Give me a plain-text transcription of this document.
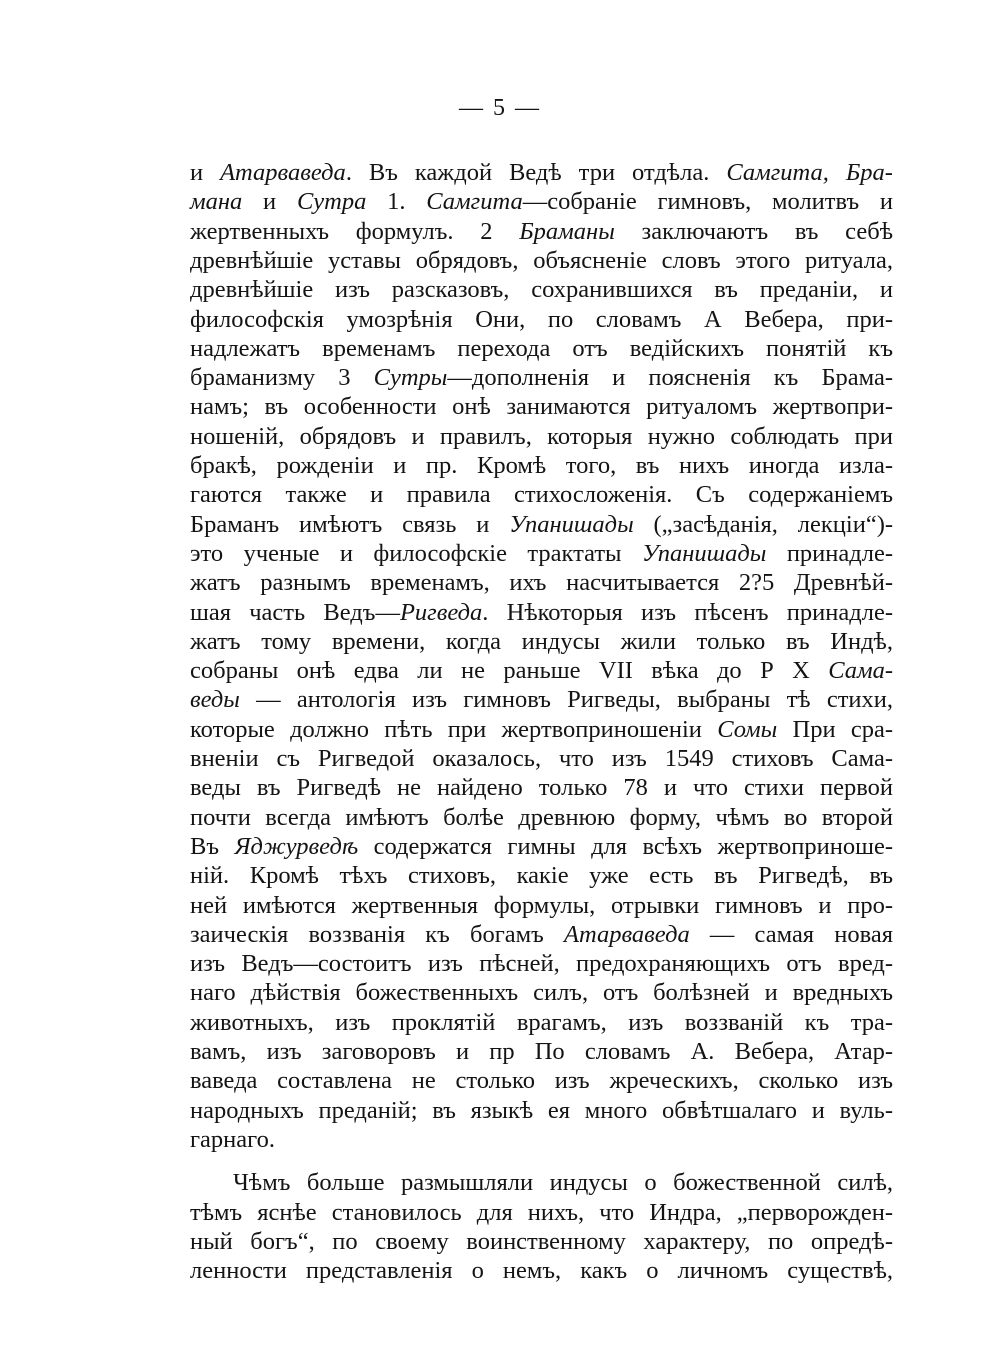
— 5 —
и Атарваведа. Въ каждой Ведѣ три отдѣла. Самгита, Бра-
мана и Сутра 1. Самгита—собраніе гимновъ, молитвъ и
жертвенныхъ формулъ. 2 Браманы заключаютъ въ себѣ
древнѣйшіе уставы обрядовъ, объясненіе словъ этого ритуала,
древнѣйшіе изъ разсказовъ, сохранившихся въ преданіи, и
философскія умозрѣнія Они, по словамъ А Вебера, при-
надлежатъ временамъ перехода отъ ведійскихъ понятій къ
браманизму 3 Сутры—дополненія и поясненія къ Брама-
намъ; въ особенности онѣ занимаются ритуаломъ жертвопри-
ношеній, обрядовъ и правилъ, которыя нужно соблюдать при
бракѣ, рожденіи и пр. Кромѣ того, въ нихъ иногда изла-
гаются также и правила стихосложенія. Съ содержаніемъ
Браманъ имѣютъ связь и Упанишады („засѣданія, лекціи“)-
это ученые и философскіе трактаты Упанишады принадле-
жатъ разнымъ временамъ, ихъ насчитывается 2?5 Древнѣй-
шая часть Ведъ—Ригведа. Нѣкоторыя изъ пѣсенъ принадле-
жатъ тому времени, когда индусы жили только въ Индѣ,
собраны онѣ едва ли не раньше VII вѣка до Р Х Сама-
веды — антологія изъ гимновъ Ригведы, выбраны тѣ стихи,
которые должно пѣть при жертвоприношеніи Сомы При сра-
вненіи съ Ригведой оказалось, что изъ 1549 стиховъ Сама-
веды въ Ригведѣ не найдено только 78 и что стихи первой
почти всегда имѣютъ болѣе древнюю форму, чѣмъ во второй
Въ Яджурведѣ содержатся гимны для всѣхъ жертвоприноше-
ній. Кромѣ тѣхъ стиховъ, какіе уже есть въ Ригведѣ, въ
ней имѣются жертвенныя формулы, отрывки гимновъ и про-
заическія воззванія къ богамъ Атарваведа — самая новая
изъ Ведъ—состоитъ изъ пѣсней, предохраняющихъ отъ вред-
наго дѣйствія божественныхъ силъ, отъ болѣзней и вредныхъ
животныхъ, изъ проклятій врагамъ, изъ воззваній къ тра-
вамъ, изъ заговоровъ и пр По словамъ А. Вебера, Атар-
ваведа составлена не столько изъ жреческихъ, сколько изъ
народныхъ преданій; въ языкѣ ея много обвѣтшалаго и вуль-
гарнаго.
Чѣмъ больше размышляли индусы о божественной силѣ,
тѣмъ яснѣе становилось для нихъ, что Индра, „перворожден-
ный богъ“, по своему воинственному характеру, по опредѣ-
ленности представленія о немъ, какъ о личномъ существѣ,
